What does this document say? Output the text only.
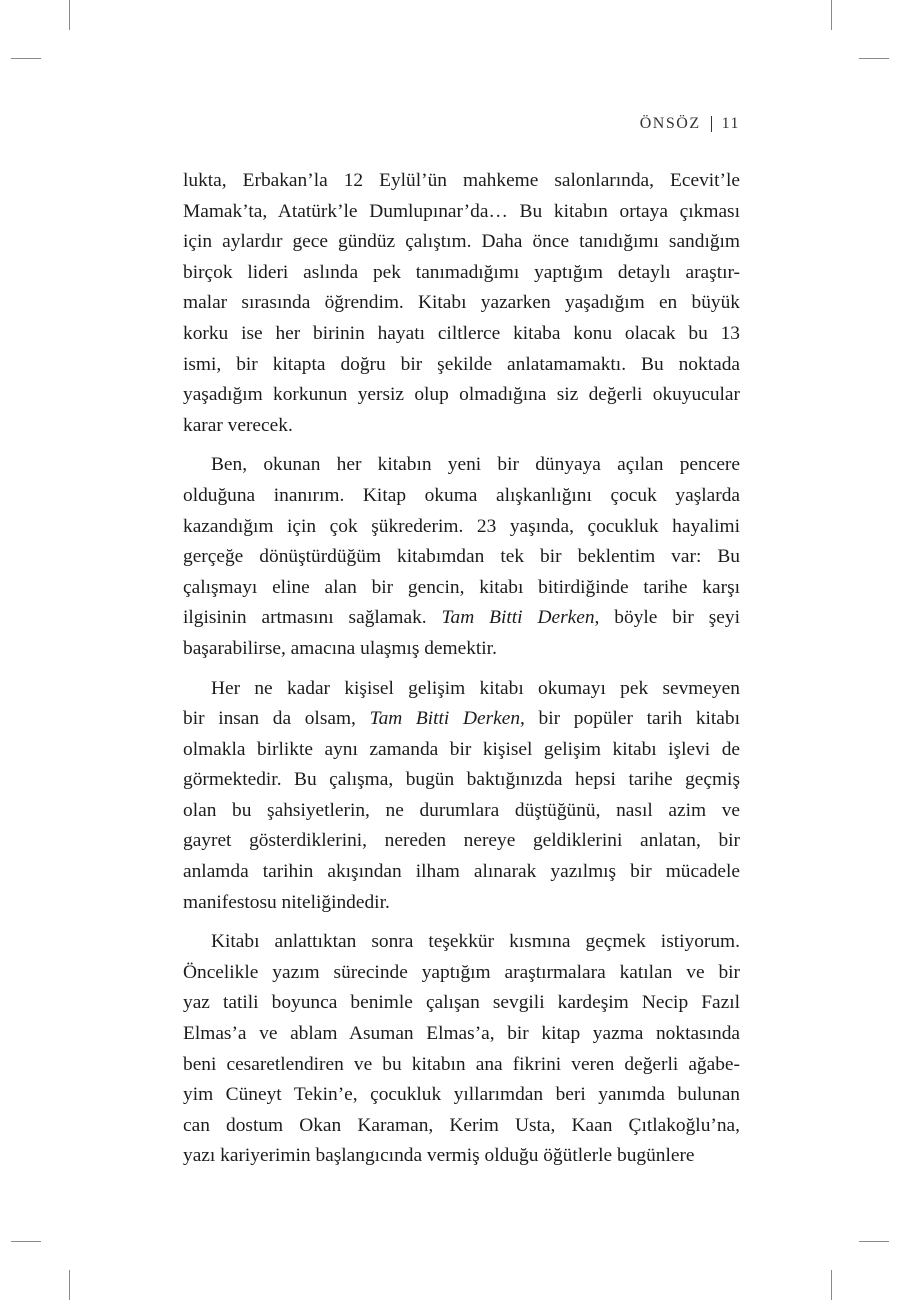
ÖNSÖZ 11
lukta, Erbakan’la 12 Eylül’ün mahkeme salonlarında, Ecevit’le
Mamak’ta, Atatürk’le Dumlupınar’da… Bu kitabın ortaya çıkması
için aylardır gece gündüz çalıştım. Daha önce tanıdığımı sandığım
birçok lideri aslında pek tanımadığımı yaptığım detaylı araştır-
malar sırasında öğrendim. Kitabı yazarken yaşadığım en büyük
korku ise her birinin hayatı ciltlerce kitaba konu olacak bu 13
ismi, bir kitapta doğru bir şekilde anlatamamaktı. Bu noktada
yaşadığım korkunun yersiz olup olmadığına siz değerli okuyucular
karar verecek.
Ben, okunan her kitabın yeni bir dünyaya açılan pencere
olduğuna inanırım. Kitap okuma alışkanlığını çocuk yaşlarda
kazandığım için çok şükrederim. 23 yaşında, çocukluk hayalimi
gerçeğe dönüştürdüğüm kitabımdan tek bir beklentim var: Bu
çalışmayı eline alan bir gencin, kitabı bitirdiğinde tarihe karşı
ilgisinin artmasını sağlamak. Tam Bitti Derken, böyle bir şeyi
başarabilirse, amacına ulaşmış demektir.
Her ne kadar kişisel gelişim kitabı okumayı pek sevmeyen
bir insan da olsam, Tam Bitti Derken, bir popüler tarih kitabı
olmakla birlikte aynı zamanda bir kişisel gelişim kitabı işlevi de
görmektedir. Bu çalışma, bugün baktığınızda hepsi tarihe geçmiş
olan bu şahsiyetlerin, ne durumlara düştüğünü, nasıl azim ve
gayret gösterdiklerini, nereden nereye geldiklerini anlatan, bir
anlamda tarihin akışından ilham alınarak yazılmış bir mücadele
manifestosu niteliğindedir.
Kitabı anlattıktan sonra teşekkür kısmına geçmek istiyorum.
Öncelikle yazım sürecinde yaptığım araştırmalara katılan ve bir
yaz tatili boyunca benimle çalışan sevgili kardeşim Necip Fazıl
Elmas’a ve ablam Asuman Elmas’a, bir kitap yazma noktasında
beni cesaretlendiren ve bu kitabın ana fikrini veren değerli ağabe-
yim Cüneyt Tekin’e, çocukluk yıllarımdan beri yanımda bulunan
can dostum Okan Karaman, Kerim Usta, Kaan Çıtlakoğlu’na,
yazı kariyerimin başlangıcında vermiş olduğu öğütlerle bugünlere
